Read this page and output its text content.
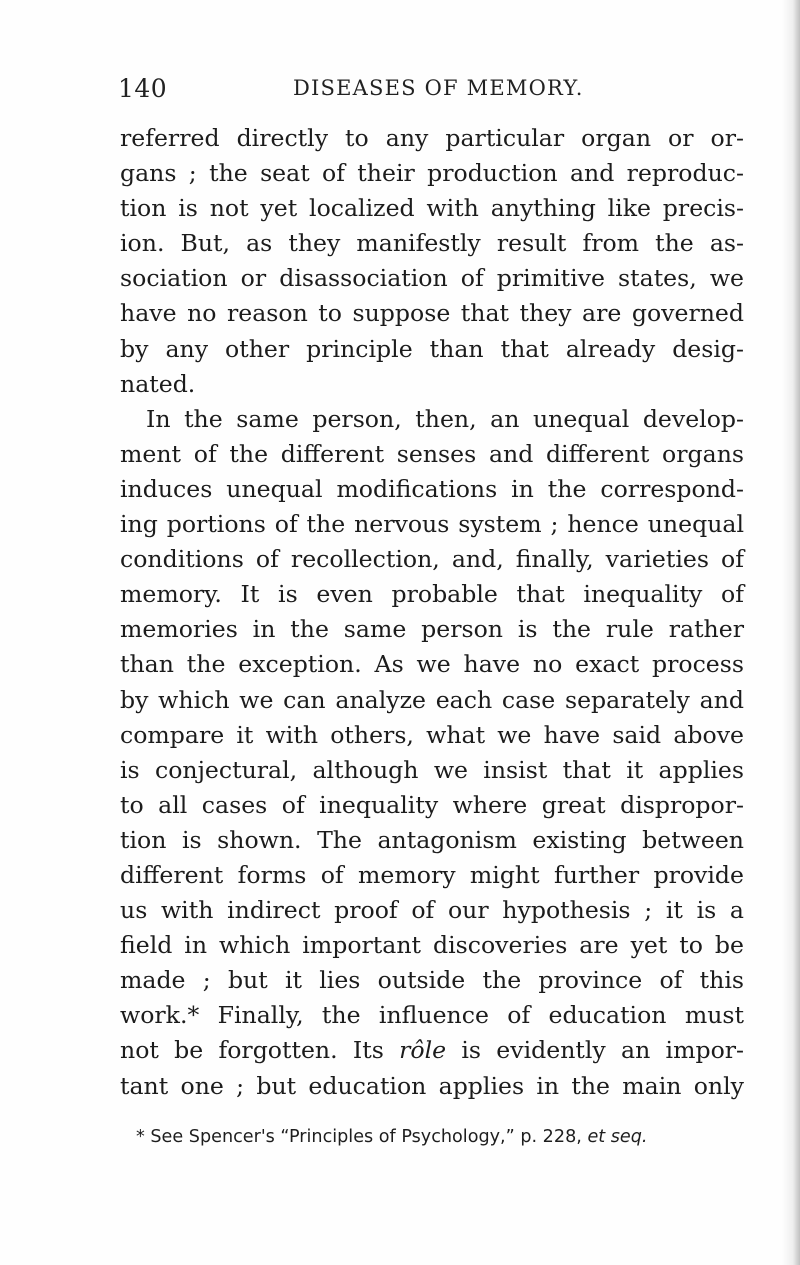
140	DISEASES OF MEMORY.
referred directly to any particular organ or or-
gans ; the seat of their production and reproduc-
tion is not yet localized with anything like precis-
ion. But, as they manifestly result from the as-
sociation or disassociation of primitive states, we
have no reason to suppose that they are governed
by any other principle than that already desig-
nated.
In the same person, then, an unequal develop-
ment of the different senses and different organs
induces unequal modifications in the correspond-
ing portions of the nervous system ; hence unequal
conditions of recollection, and, finally, varieties of
memory. It is even probable that inequality of
memories in the same person is the rule rather
than the exception. As we have no exact process
by which we can analyze each case separately and
compare it with others, what we have said above
is conjectural, although we insist that it applies
to all cases of inequality where great dispropor-
tion is shown. The antagonism existing between
different forms of memory might further provide
us with indirect proof of our hypothesis ; it is a
field in which important discoveries are yet to be
made ; but it lies outside the province of this
work.* Finally, the influence of education must
not be forgotten. Its rôle is evidently an impor-
tant one ; but education applies in the main only
* See Spencer's “Principles of Psychology,” p. 228, et seq.
